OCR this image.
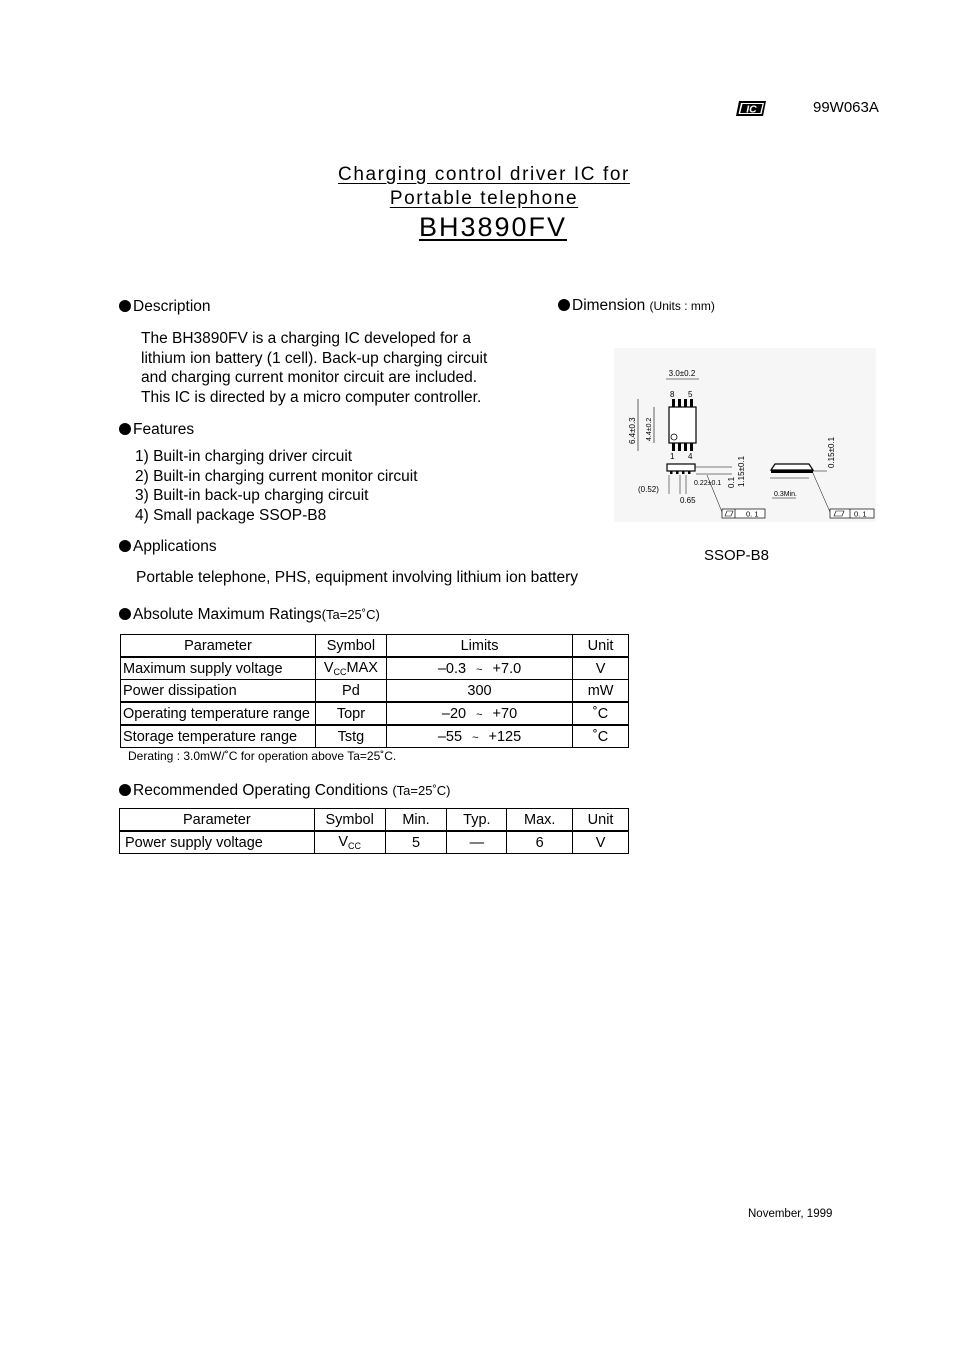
IC	99W063A
Charging control driver IC for
Portable telephone
BH3890FV
Description
The BH3890FV is a charging IC developed for a
lithium ion battery (1 cell). Back-up charging circuit
and charging current monitor circuit are included.
This IC is directed by a micro computer controller.
Dimension (Units : mm)
3.0±0.2
8 5
1 4
6.4±0.3 4.4±0.2
1.15±0.1
0.1
0.22±0.1
0.65
(0.52)
0. 1
0.3Min.
0.15±0.1
0. 1
SSOP-B8
Features
1) Built-in charging driver circuit
2) Built-in charging current monitor circuit
3) Built-in back-up charging circuit
4) Small package SSOP-B8
Applications
Portable telephone, PHS, equipment involving lithium ion battery
Absolute Maximum Ratings(Ta=25˚C)
Parameter	Symbol	Limits	Unit
Maximum supply voltage	$V_{CC}MAX$	–0.3 ~ +7.0	V
Power dissipation	Pd	300	mW
Operating temperature range	Topr	–20 ~ +70	˚C
Storage temperature range	Tstg	–55 ~ +125	˚C
Derating : 3.0mW/˚C for operation above Ta=25˚C.
Recommended Operating Conditions (Ta=25˚C)
Parameter	Symbol	Min.	Typ.	Max.	Unit
Power supply voltage	$V_{CC}$	5	—	6	V
November, 1999
